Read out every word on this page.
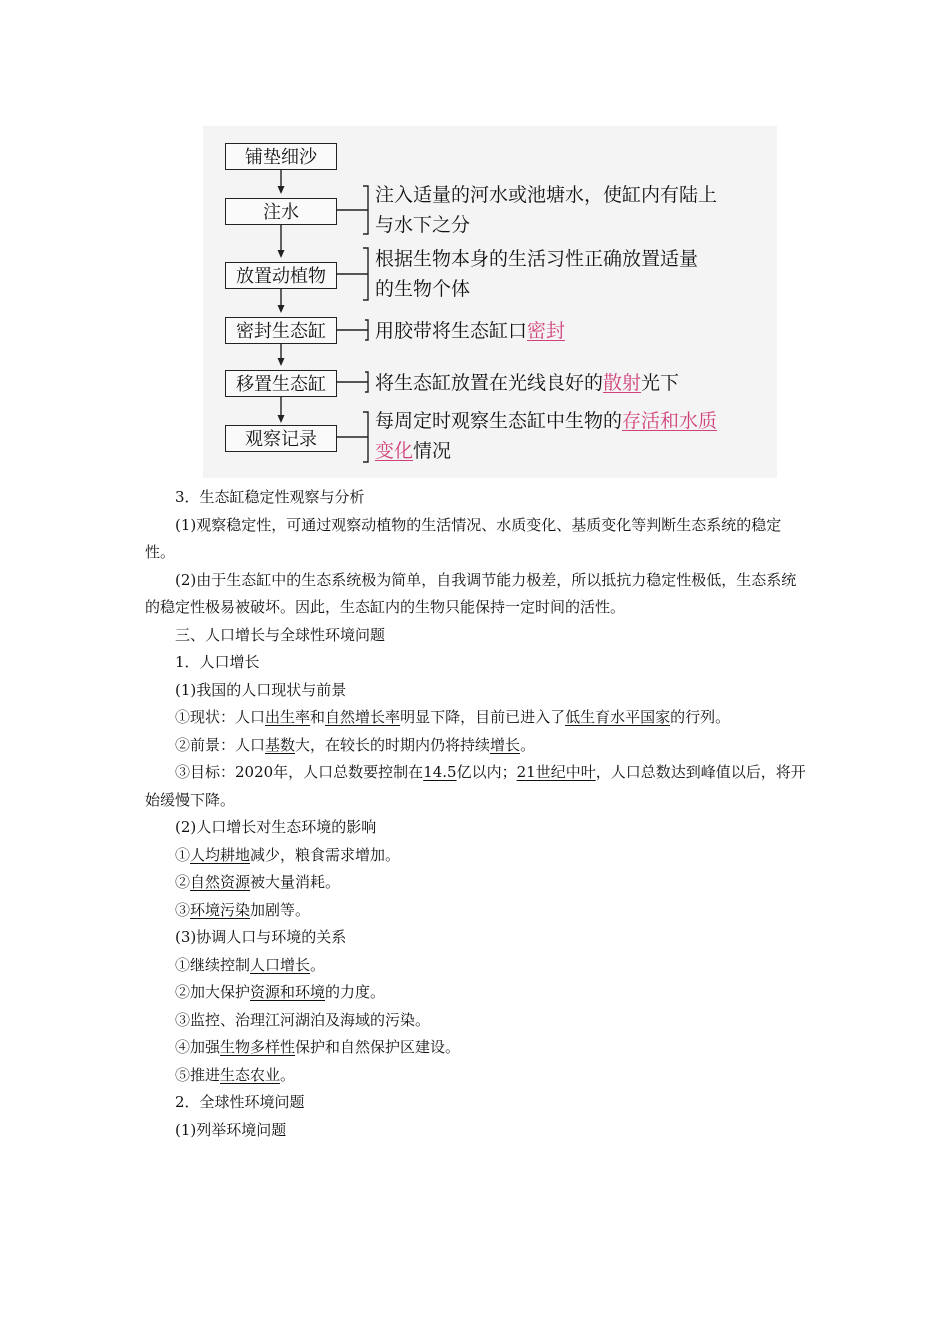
铺垫细沙
注水
放置动植物
密封生态缸
移置生态缸
观察记录
注入适量的河水或池塘水，使缸内有陆上
与水下之分
根据生物本身的生活习性正确放置适量
的生物个体
用胶带将生态缸口密封
将生态缸放置在光线良好的散射光下
每周定时观察生态缸中生物的存活和水质
变化情况

3．生态缸稳定性观察与分析

(1)观察稳定性，可通过观察动植物的生活情况、水质变化、基质变化等判断生态系统的稳定性。

(2)由于生态缸中的生态系统极为简单，自我调节能力极差，所以抵抗力稳定性极低，生态系统的稳定性极易被破坏。因此，生态缸内的生物只能保持一定时间的活性。

三、人口增长与全球性环境问题

1．人口增长

(1)我国的人口现状与前景

①现状：人口出生率和自然增长率明显下降，目前已进入了低生育水平国家的行列。

②前景：人口基数大，在较长的时期内仍将持续增长。

③目标：2020年，人口总数要控制在14.5亿以内；21世纪中叶，人口总数达到峰值以后，将开始缓慢下降。

(2)人口增长对生态环境的影响

①人均耕地减少，粮食需求增加。

②自然资源被大量消耗。

③环境污染加剧等。

(3)协调人口与环境的关系

①继续控制人口增长。

②加大保护资源和环境的力度。

③监控、治理江河湖泊及海域的污染。

④加强生物多样性保护和自然保护区建设。

⑤推进生态农业。

2．全球性环境问题

(1)列举环境问题
